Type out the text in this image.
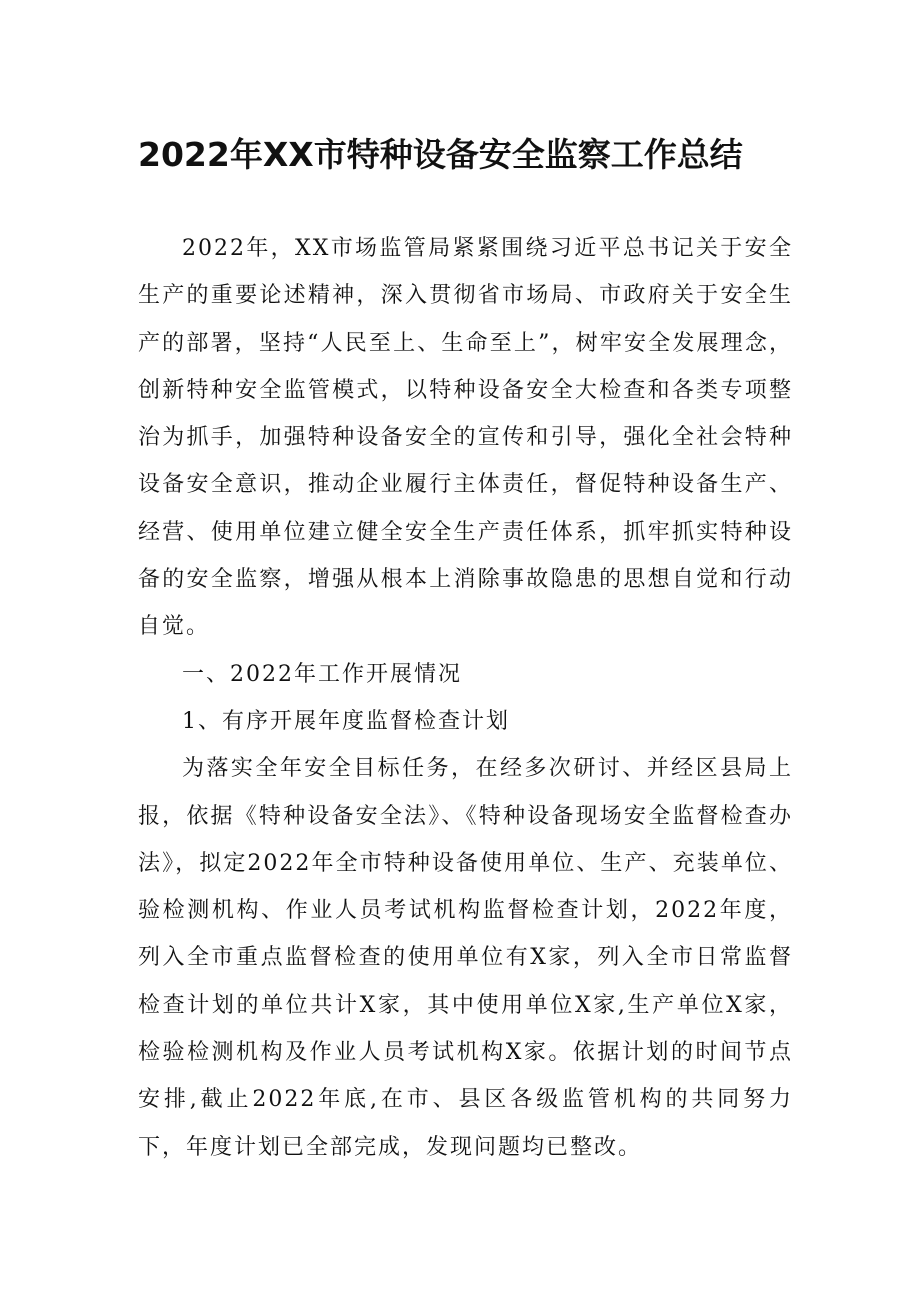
2022年XX市特种设备安全监察工作总结

2022年，XX市场监管局紧紧围绕习近平总书记关于安全生产的重要论述精神，深入贯彻省市场局、市政府关于安全生产的部署，坚持“人民至上、生命至上”，树牢安全发展理念，创新特种安全监管模式，以特种设备安全大检查和各类专项整治为抓手，加强特种设备安全的宣传和引导，强化全社会特种设备安全意识，推动企业履行主体责任，督促特种设备生产、经营、使用单位建立健全安全生产责任体系，抓牢抓实特种设备的安全监察，增强从根本上消除事故隐患的思想自觉和行动自觉。

一、2022年工作开展情况

1、有序开展年度监督检查计划

为落实全年安全目标任务，在经多次研讨、并经区县局上报，依据《特种设备安全法》、《特种设备现场安全监督检查办法》，拟定2022年全市特种设备使用单位、生产、充装单位、验检测机构、作业人员考试机构监督检查计划，2022年度，列入全市重点监督检查的使用单位有X家，列入全市日常监督检查计划的单位共计X家，其中使用单位X家,生产单位X家，检验检测机构及作业人员考试机构X家。依据计划的时间节点安排,截止2022年底,在市、县区各级监管机构的共同努力下，年度计划已全部完成，发现问题均已整改。
